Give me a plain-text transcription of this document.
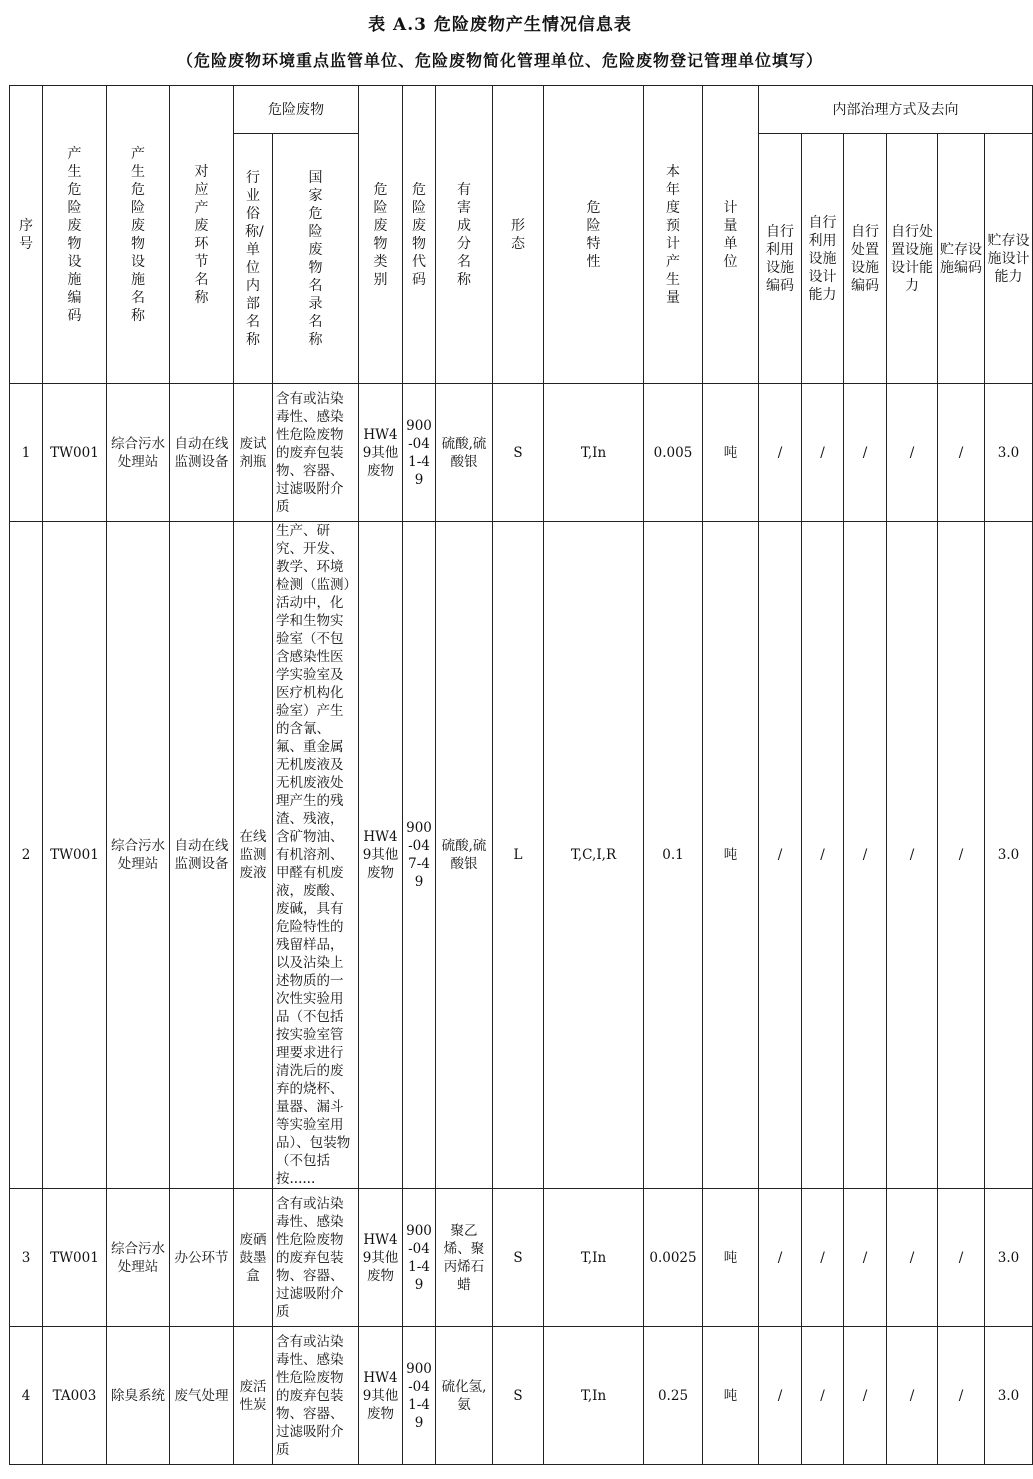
表 A.3 危险废物产生情况信息表
（危险废物环境重点监管单位、危险废物简化管理单位、危险废物登记管理单位填写）
序号	产生危险废物设施编码	产生危险废物设施名称	对应产废环节名称	危险废物		危险废物类别	危险废物代码	有害成分名称	形态	危险特性	本年度预计产生量	计量单位	内部治理方式及去向					
				行业俗称/单位内部名称	国家危险废物名录名称								自行利用设施编码	自行利用设施设计能力	自行处置设施编码	自行处置设施设计能力	贮存设施编码	贮存设施设计能力

1	TW001	综合污水处理站	自动在线监测设备	废试剂瓶	含有或沾染毒性、感染性危险废物的废弃包装物、容器、过滤吸附介质	HW49其他废物	900-041-49	硫酸,硫酸银	S	T,In	0.005	吨	/	/	/	/	/	3.0
2	TW001	综合污水处理站	自动在线监测设备	在线监测废液	生产、研究、开发、教学、环境检测（监测）活动中，化学和生物实验室（不包含感染性医学实验室及医疗机构化验室）产生的含氰、氟、重金属无机废液及无机废液处理产生的残渣、残液，含矿物油、有机溶剂、甲醛有机废液，废酸、废碱，具有危险特性的残留样品，以及沾染上述物质的一次性实验用品（不包括按实验室管理要求进行清洗后的废弃的烧杯、量器、漏斗等实验室用品）、包装物（不包括按......	HW49其他废物	900-047-49	硫酸,硫酸银	L	T,C,I,R	0.1	吨	/	/	/	/	/	3.0
3	TW001	综合污水处理站	办公环节	废硒鼓墨盒	含有或沾染毒性、感染性危险废物的废弃包装物、容器、过滤吸附介质	HW49其他废物	900-041-49	聚乙烯、聚丙烯石蜡	S	T,In	0.0025	吨	/	/	/	/	/	3.0
4	TA003	除臭系统	废气处理	废活性炭	含有或沾染毒性、感染性危险废物的废弃包装物、容器、过滤吸附介质	HW49其他废物	900-041-49	硫化氢,氨	S	T,In	0.25	吨	/	/	/	/	/	3.0
